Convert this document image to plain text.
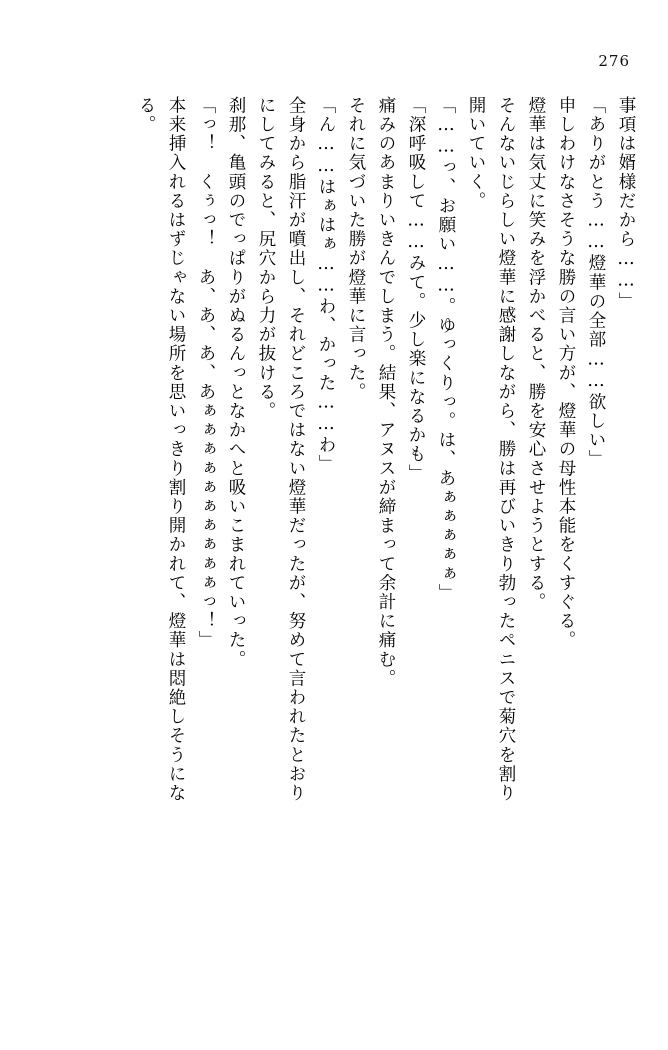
276
事項は婿様だから……」
「ありがとう……燈華の全部……欲しい」
申しわけなさそうな勝の言い方が、燈華の母性本能をくすぐる。
燈華は気丈に笑みを浮かべると、勝を安心させようとする。
そんないじらしい燈華に感謝しながら、勝は再びいきり勃ったペニスで菊穴を割り
開いていく。
「……っ、お願い……。ゆっくりっ。は、あぁぁぁぁぁ」
「深呼吸して……みて。少し楽になるかも」
痛みのあまりいきんでしまう。結果、アヌスが締まって余計に痛む。
それに気づいた勝が燈華に言った。
「ん……はぁはぁ……わ、かった……わ」
全身から脂汗が噴出し、それどころではない燈華だったが、努めて言われたとおり
にしてみると、尻穴から力が抜ける。
刹那、亀頭のでっぱりがぬるんっとなかへと吸いこまれていった。
「っ！　くぅっ！　あ、あ、あ、あぁぁぁぁぁぁぁぁぁぁっ！」
本来挿入れるはずじゃない場所を思いっきり割り開かれて、燈華は悶絶しそうにな
る。
